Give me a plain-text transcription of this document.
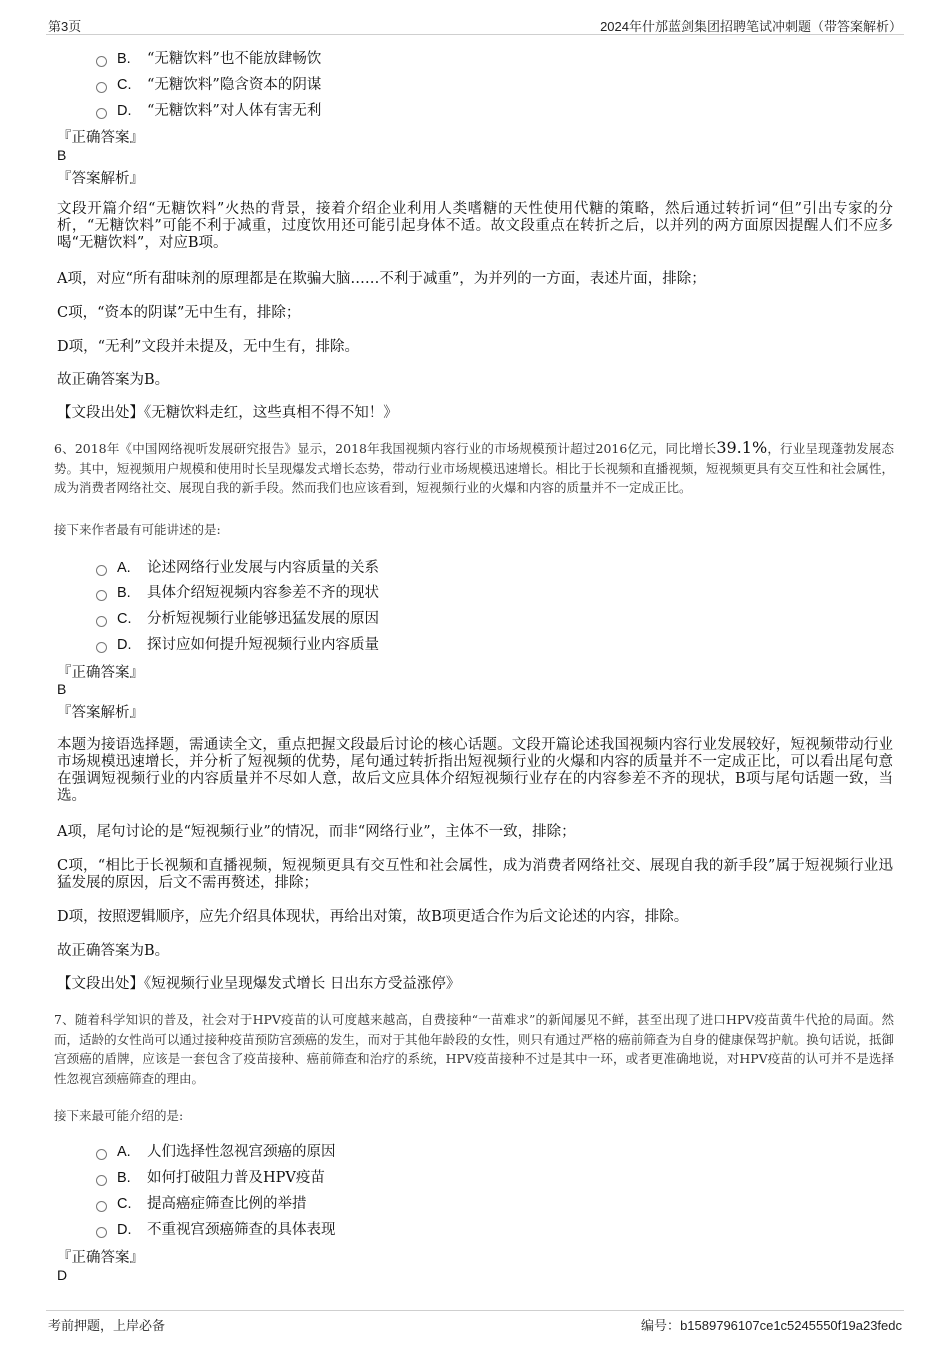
第3页	2024年什邡蓝剑集团招聘笔试冲刺题（带答案解析）
B. “无糖饮料”也不能放肆畅饮
C. “无糖饮料”隐含资本的阴谋
D. “无糖饮料”对人体有害无利
『正确答案』
B
『答案解析』
文段开篇介绍“无糖饮料”火热的背景，接着介绍企业利用人类嗜糖的天性使用代糖的策略，然后通过转折词“但”引出专家的分析，“无糖饮料”可能不利于减重，过度饮用还可能引起身体不适。故文段重点在转折之后，以并列的两方面原因提醒人们不应多喝“无糖饮料”，对应B项。
A项，对应“所有甜味剂的原理都是在欺骗大脑……不利于减重”，为并列的一方面，表述片面，排除；
C项，“资本的阴谋”无中生有，排除；
D项，“无利”文段并未提及，无中生有，排除。
故正确答案为B。
【文段出处】《无糖饮料走红，这些真相不得不知！》
6、2018年《中国网络视听发展研究报告》显示，2018年我国视频内容行业的市场规模预计超过2016亿元，同比增长39.1%，行业呈现蓬勃发展态势。其中，短视频用户规模和使用时长呈现爆发式增长态势，带动行业市场规模迅速增长。相比于长视频和直播视频，短视频更具有交互性和社会属性，成为消费者网络社交、展现自我的新手段。然而我们也应该看到，短视频行业的火爆和内容的质量并不一定成正比。
接下来作者最有可能讲述的是:
A. 论述网络行业发展与内容质量的关系
B. 具体介绍短视频内容参差不齐的现状
C. 分析短视频行业能够迅猛发展的原因
D. 探讨应如何提升短视频行业内容质量
『正确答案』
B
『答案解析』
本题为接语选择题，需通读全文，重点把握文段最后讨论的核心话题。文段开篇论述我国视频内容行业发展较好，短视频带动行业市场规模迅速增长，并分析了短视频的优势，尾句通过转折指出短视频行业的火爆和内容的质量并不一定成正比，可以看出尾句意在强调短视频行业的内容质量并不尽如人意，故后文应具体介绍短视频行业存在的内容参差不齐的现状，B项与尾句话题一致，当选。
A项，尾句讨论的是“短视频行业”的情况，而非“网络行业”，主体不一致，排除；
C项，“相比于长视频和直播视频，短视频更具有交互性和社会属性，成为消费者网络社交、展现自我的新手段”属于短视频行业迅猛发展的原因，后文不需再赘述，排除；
D项，按照逻辑顺序，应先介绍具体现状，再给出对策，故B项更适合作为后文论述的内容，排除。
故正确答案为B。
【文段出处】《短视频行业呈现爆发式增长 日出东方受益涨停》
7、随着科学知识的普及，社会对于HPV疫苗的认可度越来越高，自费接种“一苗难求”的新闻屡见不鲜，甚至出现了进口HPV疫苗黄牛代抢的局面。然而，适龄的女性尚可以通过接种疫苗预防宫颈癌的发生，而对于其他年龄段的女性，则只有通过严格的癌前筛查为自身的健康保驾护航。换句话说，抵御宫颈癌的盾牌，应该是一套包含了疫苗接种、癌前筛查和治疗的系统，HPV疫苗接种不过是其中一环，或者更准确地说，对HPV疫苗的认可并不是选择性忽视宫颈癌筛查的理由。
接下来最可能介绍的是:
A. 人们选择性忽视宫颈癌的原因
B. 如何打破阻力普及HPV疫苗
C. 提高癌症筛查比例的举措
D. 不重视宫颈癌筛查的具体表现
『正确答案』
D
考前押题，上岸必备	编号：b1589796107ce1c5245550f19a23fedc
